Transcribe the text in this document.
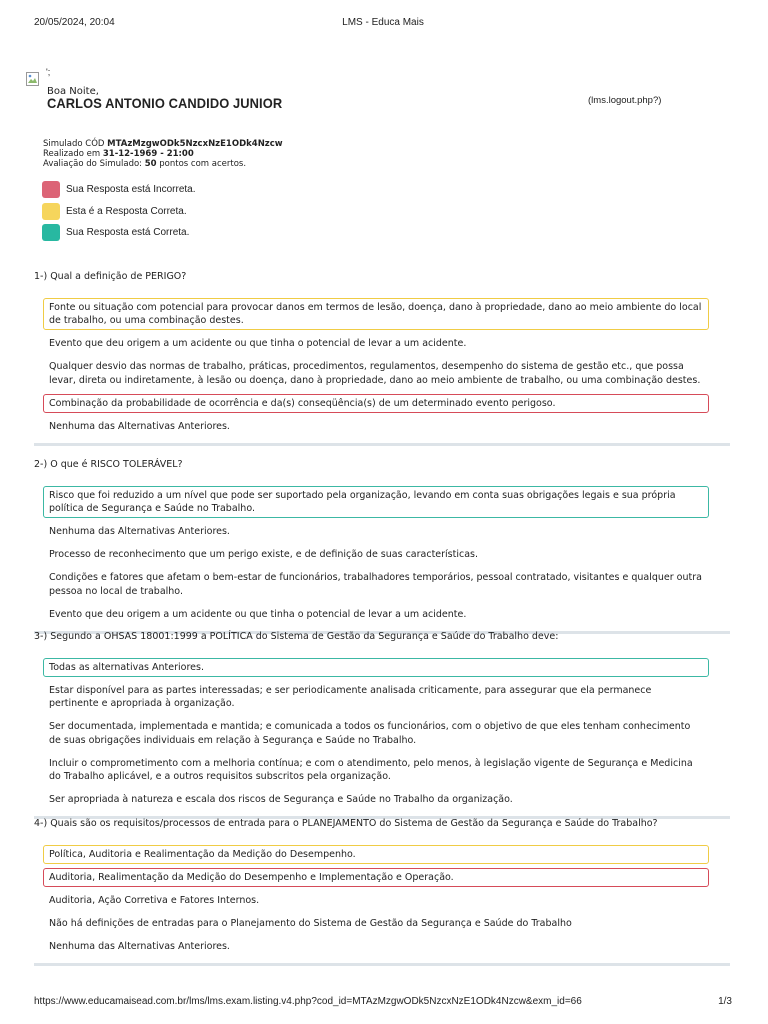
20/05/2024, 20:04	LMS - Educa Mais
';
Boa Noite,
CARLOS ANTONIO CANDIDO JUNIOR	(lms.logout.php?)
Simulado CÓD MTAzMzgwODk5NzcxNzE1ODk4Nzcw
Realizado em 31-12-1969 - 21:00
Avaliação do Simulado: 50 pontos com acertos.
Sua Resposta está Incorreta.
Esta é a Resposta Correta.
Sua Resposta está Correta.
1-) Qual a definição de PERIGO?
Fonte ou situação com potencial para provocar danos em termos de lesão, doença, dano à propriedade, dano ao meio ambiente do local de trabalho, ou uma combinação destes.
Evento que deu origem a um acidente ou que tinha o potencial de levar a um acidente.
Qualquer desvio das normas de trabalho, práticas, procedimentos, regulamentos, desempenho do sistema de gestão etc., que possa levar, direta ou indiretamente, à lesão ou doença, dano à propriedade, dano ao meio ambiente de trabalho, ou uma combinação destes.
Combinação da probabilidade de ocorrência e da(s) conseqüência(s) de um determinado evento perigoso.
Nenhuma das Alternativas Anteriores.
2-) O que é RISCO TOLERÁVEL?
Risco que foi reduzido a um nível que pode ser suportado pela organização, levando em conta suas obrigações legais e sua própria política de Segurança e Saúde no Trabalho.
Nenhuma das Alternativas Anteriores.
Processo de reconhecimento que um perigo existe, e de definição de suas características.
Condições e fatores que afetam o bem-estar de funcionários, trabalhadores temporários, pessoal contratado, visitantes e qualquer outra pessoa no local de trabalho.
Evento que deu origem a um acidente ou que tinha o potencial de levar a um acidente.
3-) Segundo a OHSAS 18001:1999 a POLÍTICA do Sistema de Gestão da Segurança e Saúde do Trabalho deve:
Todas as alternativas Anteriores.
Estar disponível para as partes interessadas; e ser periodicamente analisada criticamente, para assegurar que ela permanece pertinente e apropriada à organização.
Ser documentada, implementada e mantida; e comunicada a todos os funcionários, com o objetivo de que eles tenham conhecimento de suas obrigações individuais em relação à Segurança e Saúde no Trabalho.
Incluir o comprometimento com a melhoria contínua; e com o atendimento, pelo menos, à legislação vigente de Segurança e Medicina do Trabalho aplicável, e a outros requisitos subscritos pela organização.
Ser apropriada à natureza e escala dos riscos de Segurança e Saúde no Trabalho da organização.
4-) Quais são os requisitos/processos de entrada para o PLANEJAMENTO do Sistema de Gestão da Segurança e Saúde do Trabalho?
Política, Auditoria e Realimentação da Medição do Desempenho.
Auditoria, Realimentação da Medição do Desempenho e Implementação e Operação.
Auditoria, Ação Corretiva e Fatores Internos.
Não há definições de entradas para o Planejamento do Sistema de Gestão da Segurança e Saúde do Trabalho
Nenhuma das Alternativas Anteriores.
https://www.educamaisead.com.br/lms/lms.exam.listing.v4.php?cod_id=MTAzMzgwODk5NzcxNzE1ODk4Nzcw&exm_id=66	1/3
